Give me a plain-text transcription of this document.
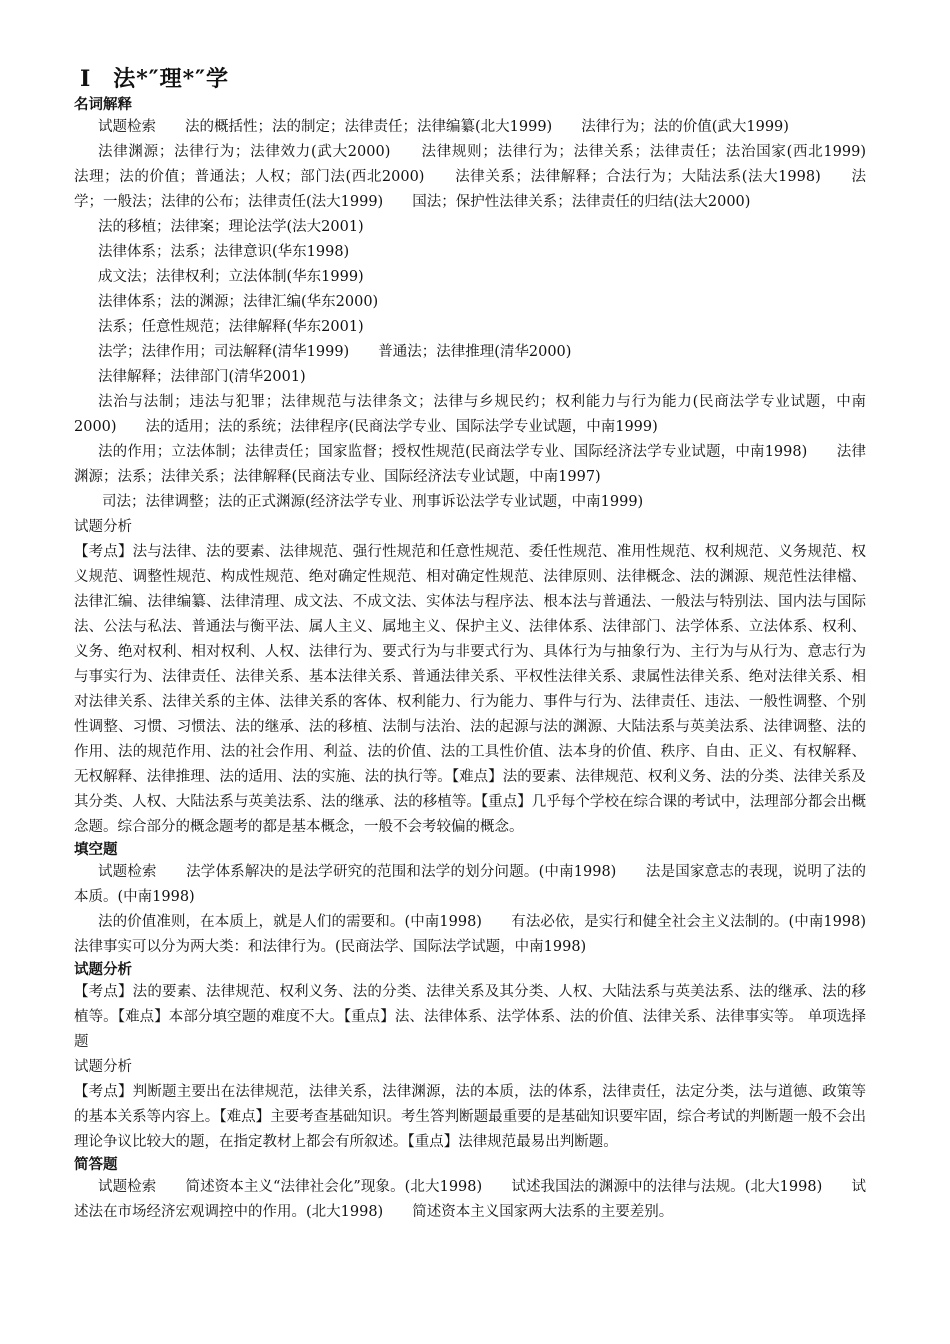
Ⅰ 法*″理*″学
名词解释

试题检索　　法的概括性；法的制定；法律责任；法律编纂(北大1999)　　法律行为；法的价值(武大1999)

法律渊源；法律行为；法律效力(武大2000)　　法律规则；法律行为；法律关系；法律责任；法治国家(西北1999)　　法理；法的价值；普通法；人权；部门法(西北2000)　　法律关系；法律解释；合法行为；大陆法系(法大1998)　　法学；一般法；法律的公布；法律责任(法大1999)　　国法；保护性法律关系；法律责任的归结(法大2000)

法的移植；法律案；理论法学(法大2001)

法律体系；法系；法律意识(华东1998)

成文法；法律权利；立法体制(华东1999)

法律体系；法的渊源；法律汇编(华东2000)

法系；任意性规范；法律解释(华东2001)

法学；法律作用；司法解释(清华1999)　　普通法；法律推理(清华2000)

法律解释；法律部门(清华2001)

法治与法制；违法与犯罪；法律规范与法律条文；法律与乡规民约；权利能力与行为能力(民商法学专业试题，中南2000)　　法的适用；法的系统；法律程序(民商法学专业、国际法学专业试题，中南1999)

法的作用；立法体制；法律责任；国家监督；授权性规范(民商法学专业、国际经济法学专业试题，中南1998)　　法律渊源；法系；法律关系；法律解释(民商法专业、国际经济法专业试题，中南1997)

司法；法律调整；法的正式渊源(经济法学专业、刑事诉讼法学专业试题，中南1999)

试题分析

【考点】法与法律、法的要素、法律规范、强行性规范和任意性规范、委任性规范、准用性规范、权利规范、义务规范、权义规范、调整性规范、构成性规范、绝对确定性规范、相对确定性规范、法律原则、法律概念、法的渊源、规范性法律檔、法律汇编、法律编纂、法律清理、成文法、不成文法、实体法与程序法、根本法与普通法、一般法与特别法、国内法与国际法、公法与私法、普通法与衡平法、属人主义、属地主义、保护主义、法律体系、法律部门、法学体系、立法体系、权利、义务、绝对权利、相对权利、人权、法律行为、要式行为与非要式行为、具体行为与抽象行为、主行为与从行为、意志行为与事实行为、法律责任、法律关系、基本法律关系、普通法律关系、平权性法律关系、隶属性法律关系、绝对法律关系、相对法律关系、法律关系的主体、法律关系的客体、权利能力、行为能力、事件与行为、法律责任、违法、一般性调整、个别性调整、习惯、习惯法、法的继承、法的移植、法制与法治、法的起源与法的渊源、大陆法系与英美法系、法律调整、法的作用、法的规范作用、法的社会作用、利益、法的价值、法的工具性价值、法本身的价值、秩序、自由、正义、有权解释、无权解释、法律推理、法的适用、法的实施、法的执行等。【难点】法的要素、法律规范、权利义务、法的分类、法律关系及其分类、人权、大陆法系与英美法系、法的继承、法的移植等。【重点】几乎每个学校在综合课的考试中，法理部分都会出概念题。综合部分的概念题考的都是基本概念，一般不会考较偏的概念。

填空题

试题检索　　法学体系解决的是法学研究的范围和法学的划分问题。(中南1998)　　法是国家意志的表现，说明了法的本质。(中南1998)

法的价值准则，在本质上，就是人们的需要和。(中南1998)　　有法必依，是实行和健全社会主义法制的。(中南1998)　　法律事实可以分为两大类：和法律行为。(民商法学、国际法学试题，中南1998)

试题分析

【考点】法的要素、法律规范、权利义务、法的分类、法律关系及其分类、人权、大陆法系与英美法系、法的继承、法的移植等。【难点】本部分填空题的难度不大。【重点】法、法律体系、法学体系、法的价值、法律关系、法律事实等。 单项选择题

试题分析

【考点】判断题主要出在法律规范，法律关系，法律渊源，法的本质，法的体系，法律责任，法定分类，法与道德、政策等的基本关系等内容上。【难点】主要考查基础知识。考生答判断题最重要的是基础知识要牢固，综合考试的判断题一般不会出理论争议比较大的题，在指定教材上都会有所叙述。【重点】法律规范最易出判断题。

简答题

试题检索　　简述资本主义“法律社会化”现象。(北大1998)　　试述我国法的渊源中的法律与法规。(北大1998)　　试述法在市场经济宏观调控中的作用。(北大1998)　　简述资本主义国家两大法系的主要差别。
